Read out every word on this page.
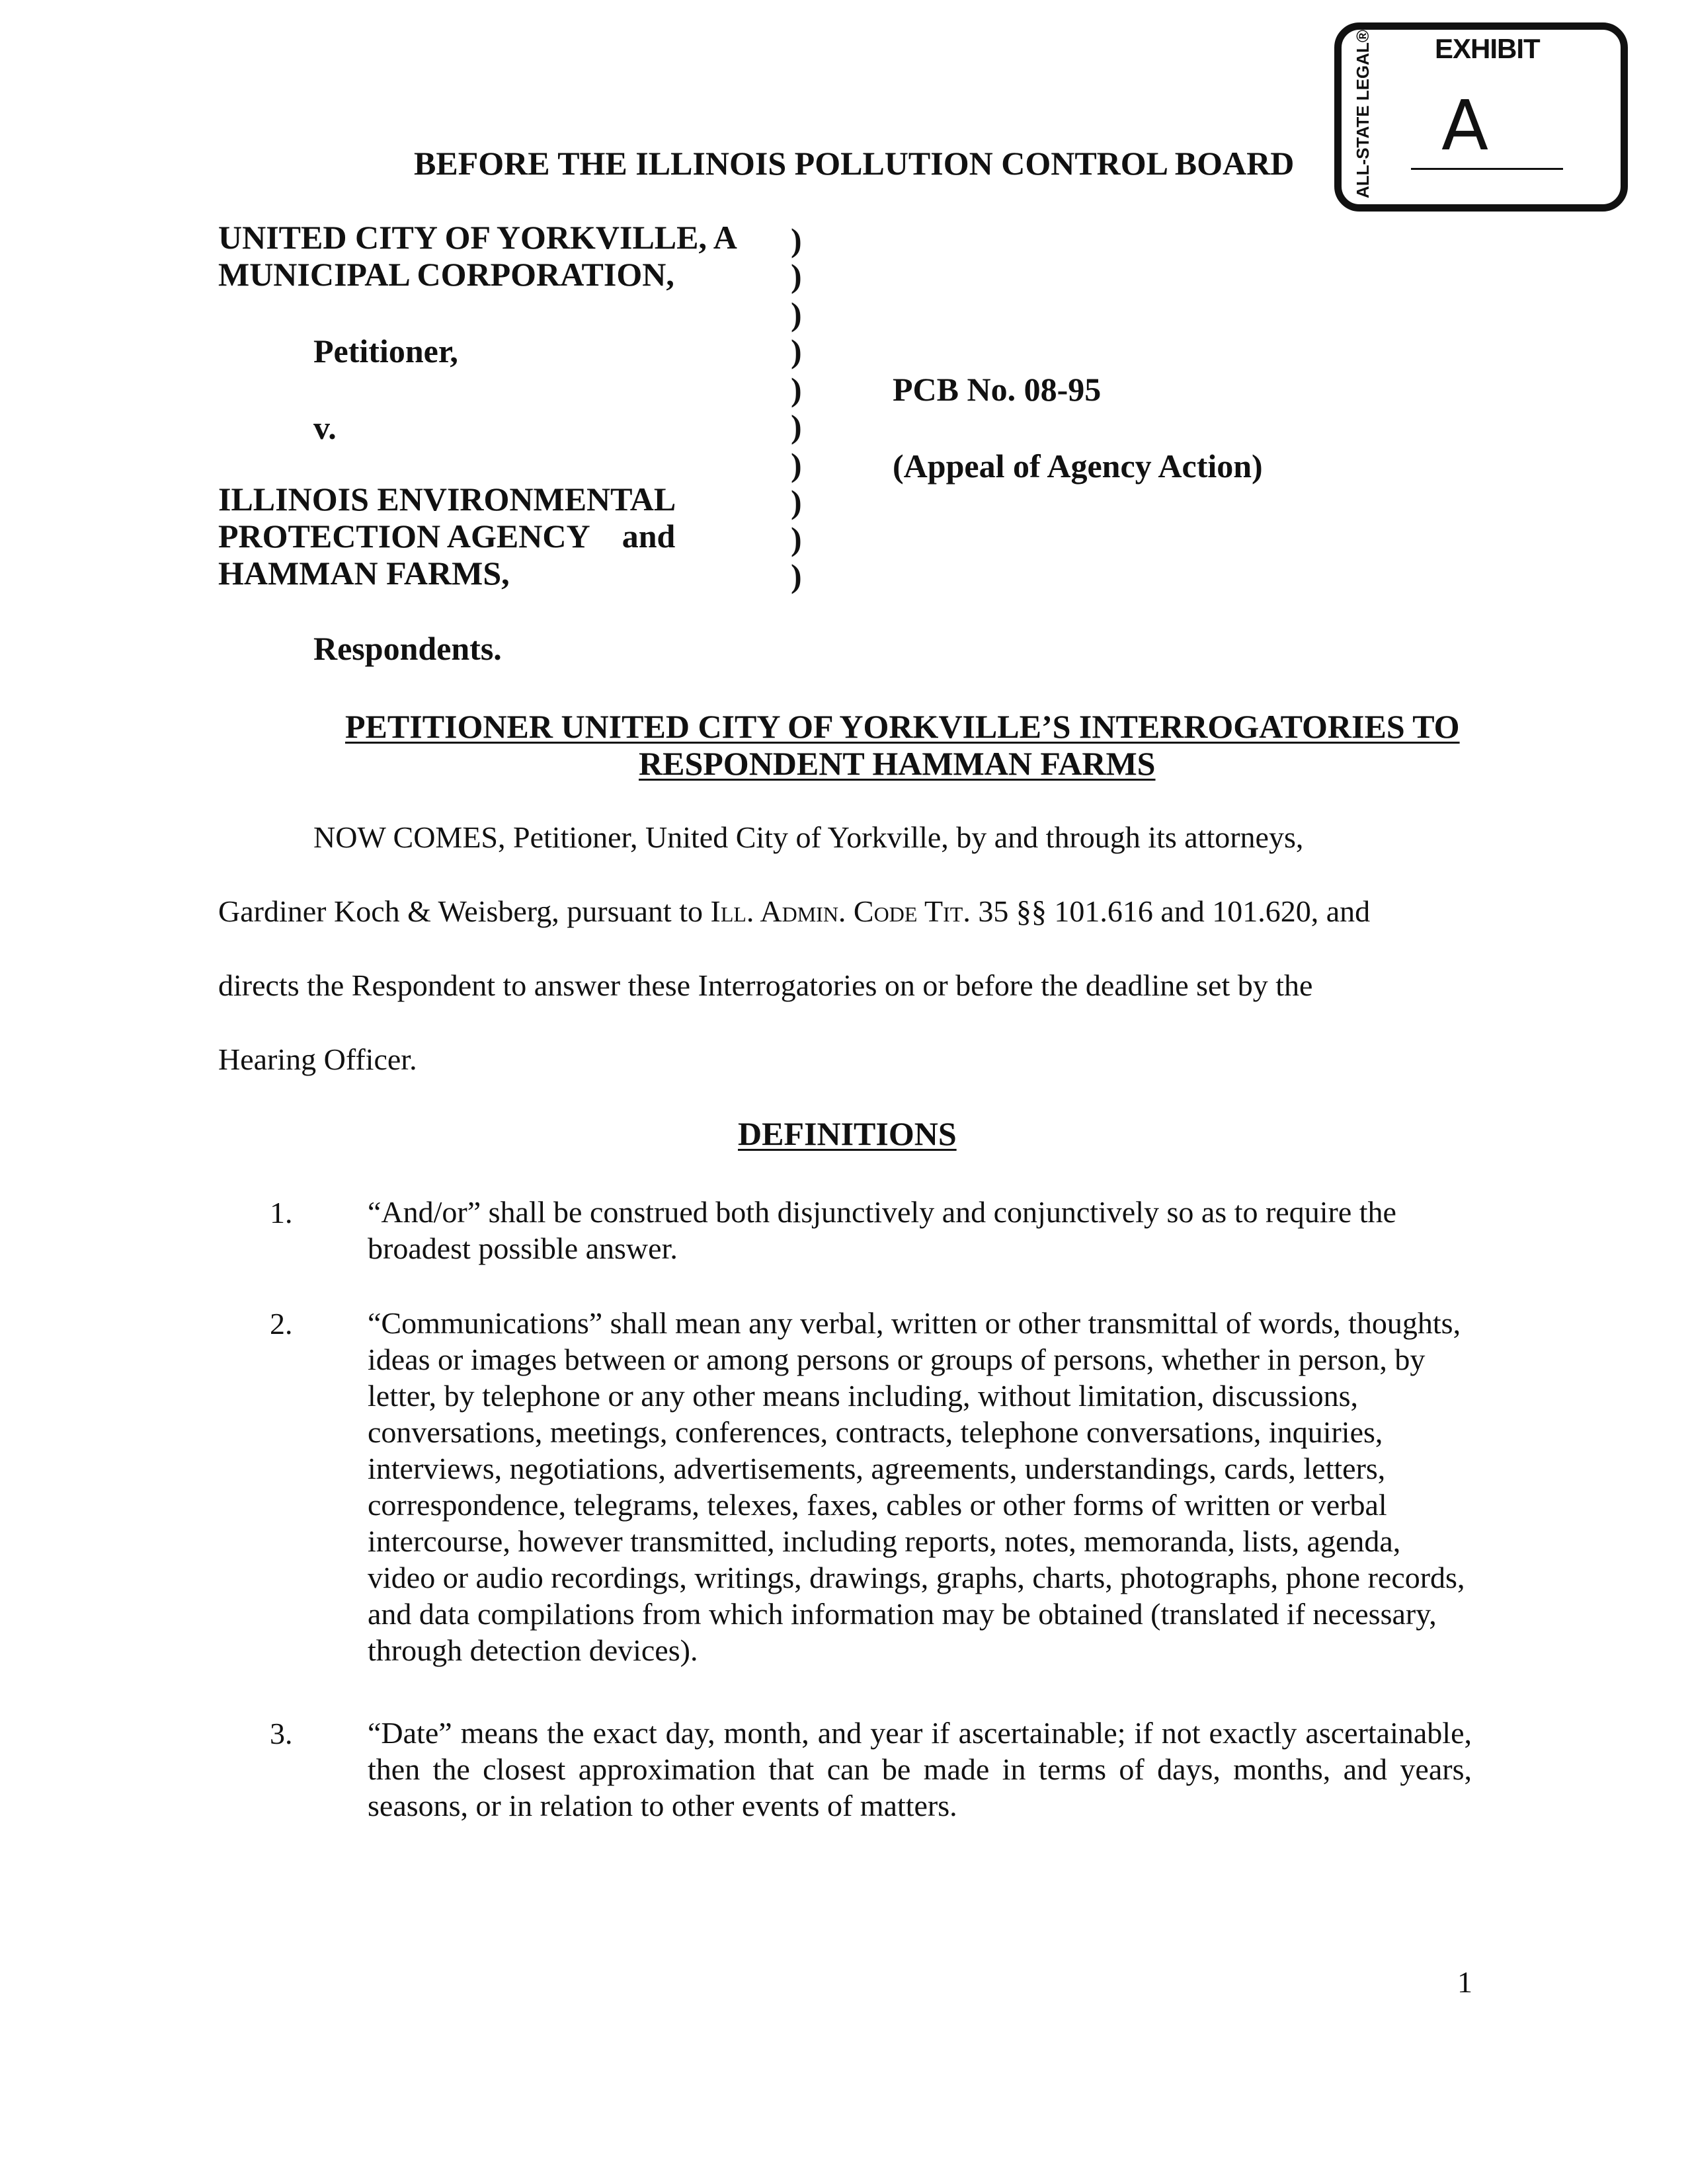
ALL-STATE LEGAL® EXHIBIT
A
BEFORE THE ILLINOIS POLLUTION CONTROL BOARD
UNITED CITY OF YORKVILLE, A
MUNICIPAL CORPORATION,
Petitioner,
v.
ILLINOIS ENVIRONMENTAL
PROTECTION AGENCY    and
HAMMAN FARMS,
Respondents.
)
)
)
)
)
)
)
)
)
)
PCB No. 08-95
(Appeal of Agency Action)
PETITIONER UNITED CITY OF YORKVILLE’S INTERROGATORIES TO
RESPONDENT HAMMAN FARMS
NOW COMES, Petitioner, United City of Yorkville, by and through its attorneys,
Gardiner Koch & Weisberg, pursuant to Ill. Admin. Code Tit. 35 §§ 101.616 and 101.620, and
directs the Respondent to answer these Interrogatories on or before the deadline set by the
Hearing Officer.
DEFINITIONS
1. “And/or” shall be construed both disjunctively and conjunctively so as to require the broadest possible answer.
2. “Communications” shall mean any verbal, written or other transmittal of words, thoughts, ideas or images between or among persons or groups of persons, whether in person, by letter, by telephone or any other means including, without limitation, discussions, conversations, meetings, conferences, contracts, telephone conversations, inquiries, interviews, negotiations, advertisements, agreements, understandings, cards, letters, correspondence, telegrams, telexes, faxes, cables or other forms of written or verbal intercourse, however transmitted, including reports, notes, memoranda, lists, agenda, video or audio recordings, writings, drawings, graphs, charts, photographs, phone records, and data compilations from which information may be obtained (translated if necessary, through detection devices).
3. “Date” means the exact day, month, and year if ascertainable; if not exactly ascertainable, then the closest approximation that can be made in terms of days, months, and years, seasons, or in relation to other events of matters.
1
